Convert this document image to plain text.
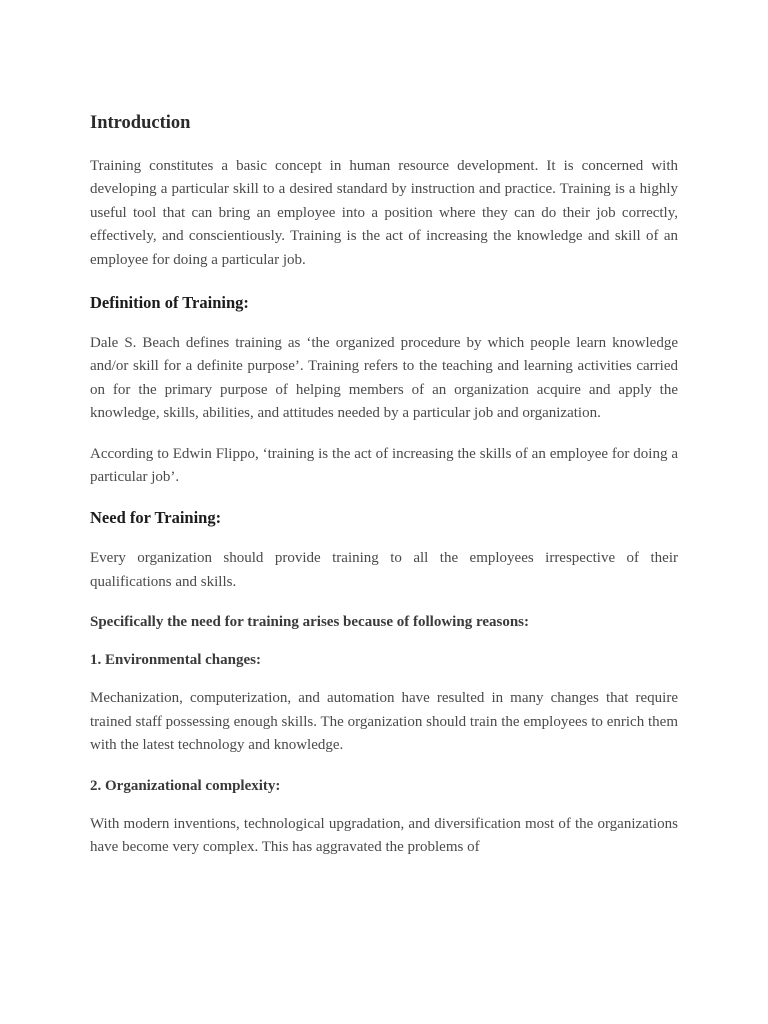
Introduction

Training constitutes a basic concept in human resource development. It is concerned with developing a particular skill to a desired standard by instruction and practice. Training is a highly useful tool that can bring an employee into a position where they can do their job correctly, effectively, and conscientiously. Training is the act of increasing the knowledge and skill of an employee for doing a particular job.

Definition of Training:

Dale S. Beach defines training as ‘the organized procedure by which people learn knowledge and/or skill for a definite purpose’. Training refers to the teaching and learning activities carried on for the primary purpose of helping members of an organization acquire and apply the knowledge, skills, abilities, and attitudes needed by a particular job and organization.

According to Edwin Flippo, ‘training is the act of increasing the skills of an employee for doing a particular job’.

Need for Training:

Every organization should provide training to all the employees irrespective of their qualifications and skills.

Specifically the need for training arises because of following reasons:
1. Environmental changes:

Mechanization, computerization, and automation have resulted in many changes that require trained staff possessing enough skills. The organization should train the employees to enrich them with the latest technology and knowledge.

2. Organizational complexity:

With modern inventions, technological upgradation, and diversification most of the organizations have become very complex. This has aggravated the problems of
